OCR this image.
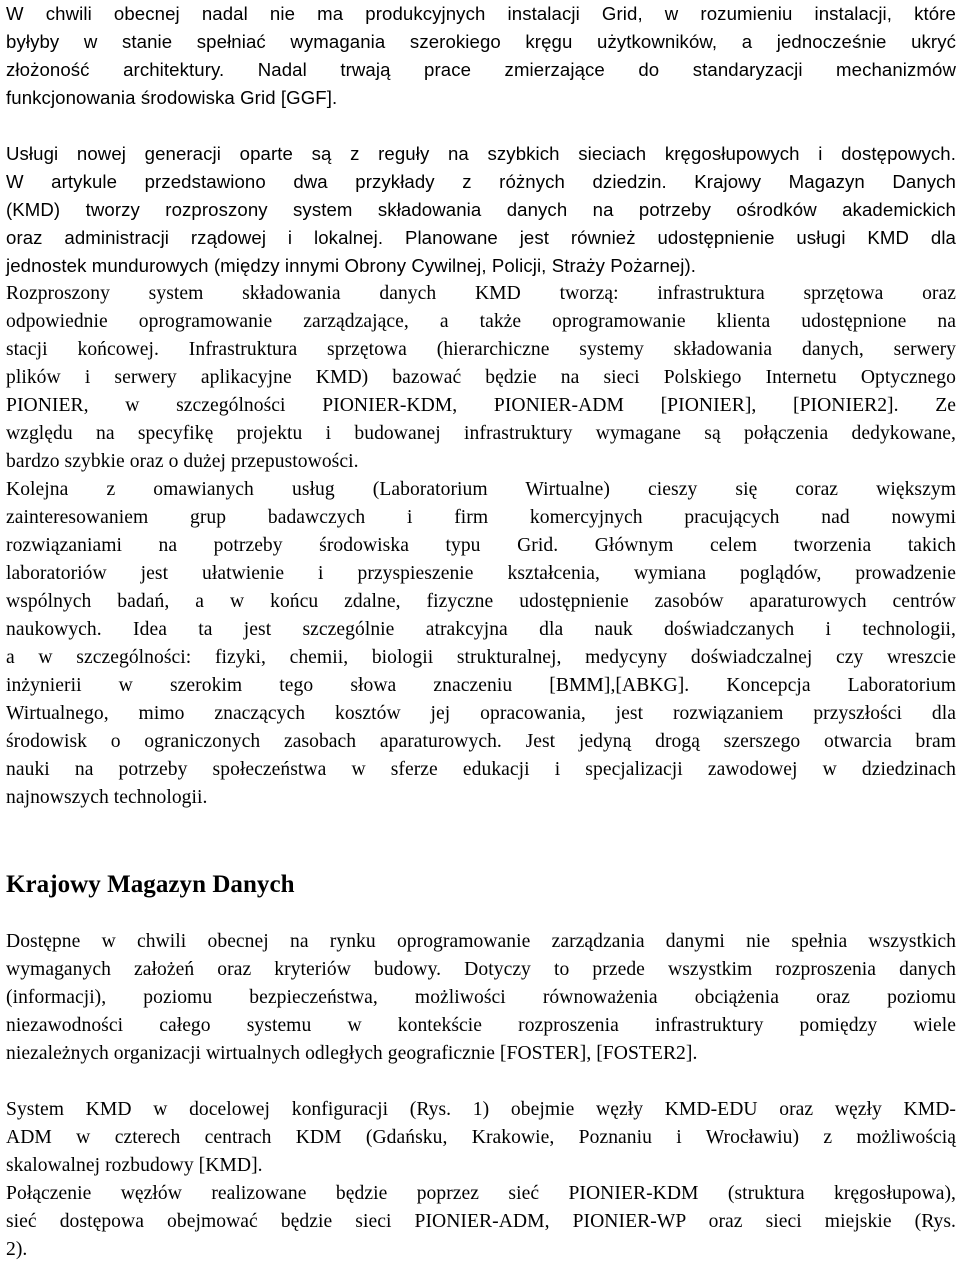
W chwili obecnej nadal nie ma produkcyjnych instalacji Grid, w rozumieniu instalacji, które
byłyby w stanie spełniać wymagania szerokiego kręgu użytkowników, a jednocześnie ukryć
złożoność architektury. Nadal trwają prace zmierzające do standaryzacji mechanizmów
funkcjonowania środowiska Grid [GGF].
Usługi nowej generacji oparte są z reguły na szybkich sieciach kręgosłupowych i dostępowych.
W artykule przedstawiono dwa przykłady z różnych dziedzin. Krajowy Magazyn Danych
(KMD) tworzy rozproszony system składowania danych na potrzeby ośrodków akademickich
oraz administracji rządowej i lokalnej. Planowane jest również udostępnienie usługi KMD dla
jednostek mundurowych (między innymi Obrony Cywilnej, Policji, Straży Pożarnej).
Rozproszony system składowania danych KMD tworzą: infrastruktura sprzętowa oraz
odpowiednie oprogramowanie zarządzające, a także oprogramowanie klienta udostępnione na
stacji końcowej. Infrastruktura sprzętowa (hierarchiczne systemy składowania danych, serwery
plików i serwery aplikacyjne KMD) bazować będzie na sieci Polskiego Internetu Optycznego
PIONIER, w szczególności PIONIER-KDM, PIONIER-ADM [PIONIER], [PIONIER2]. Ze
względu na specyfikę projektu i budowanej infrastruktury wymagane są połączenia dedykowane,
bardzo szybkie oraz o dużej przepustowości.
Kolejna z omawianych usług (Laboratorium Wirtualne) cieszy się coraz większym
zainteresowaniem grup badawczych i firm komercyjnych pracujących nad nowymi
rozwiązaniami na potrzeby środowiska typu Grid. Głównym celem tworzenia takich
laboratoriów jest ułatwienie i przyspieszenie kształcenia, wymiana poglądów, prowadzenie
wspólnych badań, a w końcu zdalne, fizyczne udostępnienie zasobów aparaturowych centrów
naukowych. Idea ta jest szczególnie atrakcyjna dla nauk doświadczanych i technologii,
a w szczególności: fizyki, chemii, biologii strukturalnej, medycyny doświadczalnej czy wreszcie
inżynierii w szerokim tego słowa znaczeniu [BMM],[ABKG]. Koncepcja Laboratorium
Wirtualnego, mimo znaczących kosztów jej opracowania, jest rozwiązaniem przyszłości dla
środowisk o ograniczonych zasobach aparaturowych. Jest jedyną drogą szerszego otwarcia bram
nauki na potrzeby społeczeństwa w sferze edukacji i specjalizacji zawodowej w dziedzinach
najnowszych technologii.
Krajowy Magazyn Danych
Dostępne w chwili obecnej na rynku oprogramowanie zarządzania danymi nie spełnia wszystkich
wymaganych założeń oraz kryteriów budowy. Dotyczy to przede wszystkim rozproszenia danych
(informacji), poziomu bezpieczeństwa, możliwości równoważenia obciążenia oraz poziomu
niezawodności całego systemu w kontekście rozproszenia infrastruktury pomiędzy wiele
niezależnych organizacji wirtualnych odległych geograficznie [FOSTER], [FOSTER2].
System KMD w docelowej konfiguracji (Rys. 1) obejmie węzły KMD-EDU oraz węzły KMD-
ADM w czterech centrach KDM (Gdańsku, Krakowie, Poznaniu i Wrocławiu) z możliwością
skalowalnej rozbudowy [KMD].
Połączenie węzłów realizowane będzie poprzez sieć PIONIER-KDM (struktura kręgosłupowa),
sieć dostępowa obejmować będzie sieci PIONIER-ADM, PIONIER-WP oraz sieci miejskie (Rys.
2).
